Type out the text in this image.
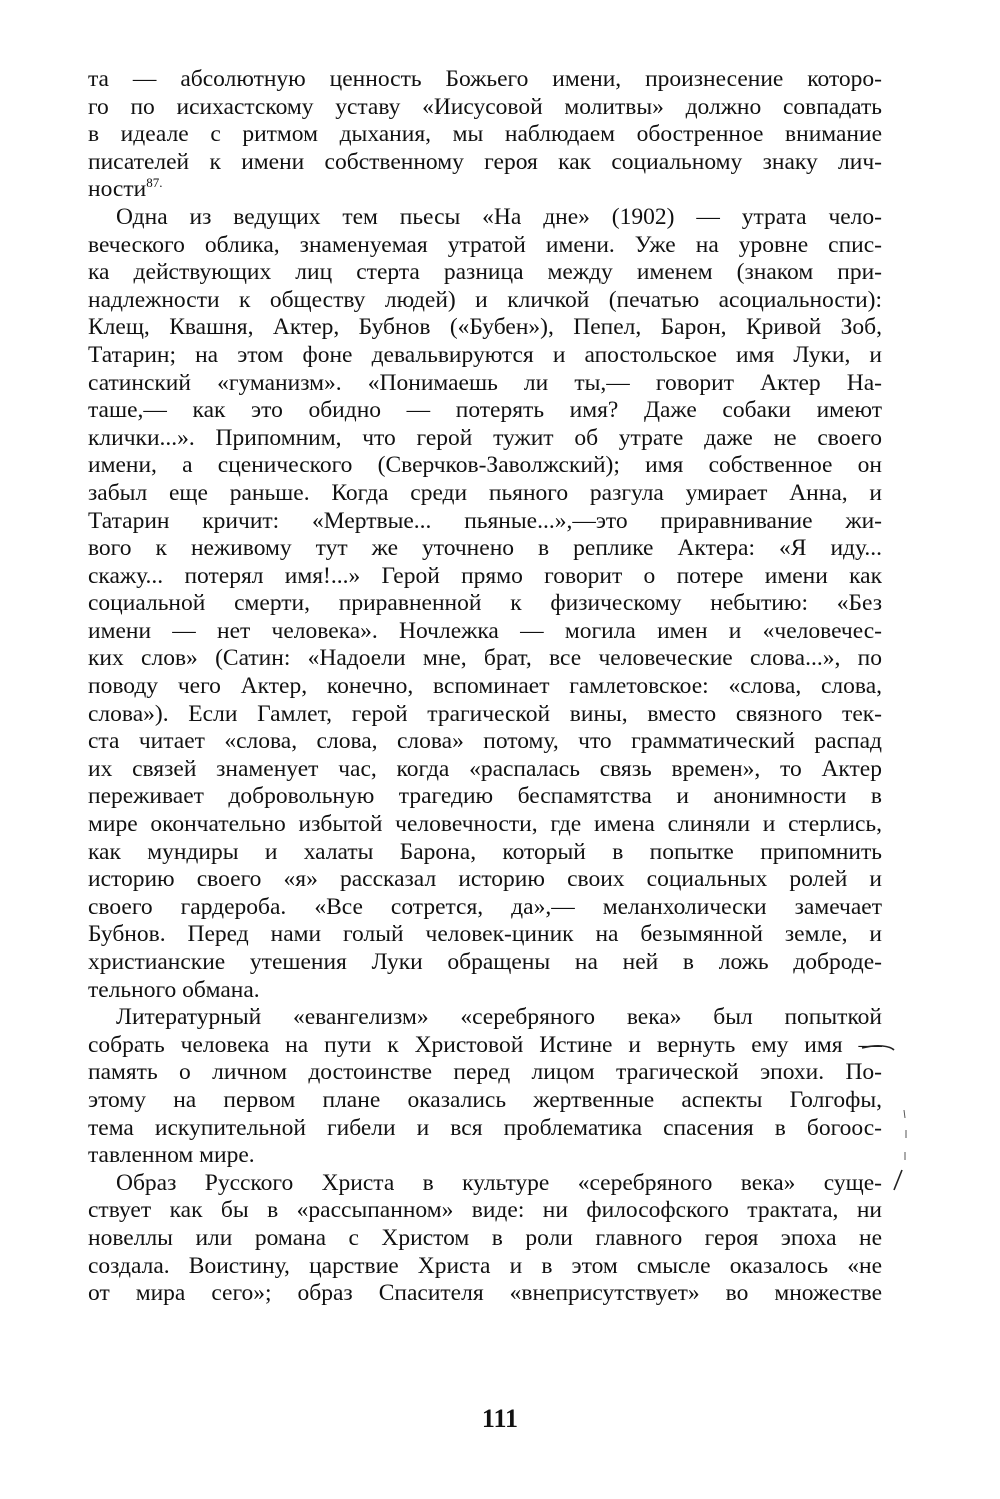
та — абсолютную ценность Божьего имени, произнесение которо-
го по исихастскому уставу «Иисусовой молитвы» должно совпадать
в идеале с ритмом дыхания, мы наблюдаем обостренное внимание
писателей к имени собственному героя как социальному знаку лич-
ности$^{87.}$
Одна из ведущих тем пьесы «На дне» (1902) — утрата чело-
веческого облика, знаменуемая утратой имени. Уже на уровне спис-
ка действующих лиц стерта разница между именем (знаком при-
надлежности к обществу людей) и кличкой (печатью асоциальности):
Клещ, Квашня, Актер, Бубнов («Бубен»), Пепел, Барон, Кривой Зоб,
Татарин; на этом фоне девальвируются и апостольское имя Луки, и
сатинский «гуманизм». «Понимаешь ли ты,— говорит Актер На-
таше,— как это обидно — потерять имя? Даже собаки имеют
клички...». Припомним, что герой тужит об утрате даже не своего
имени, а сценического (Сверчков-Заволжский); имя собственное он
забыл еще раньше. Когда среди пьяного разгула умирает Анна, и
Татарин кричит: «Мертвые... пьяные...»,—это приравнивание жи-
вого к неживому тут же уточнено в реплике Актера: «Я иду...
скажу... потерял имя!...» Герой прямо говорит о потере имени как
социальной смерти, приравненной к физическому небытию: «Без
имени — нет человека». Ночлежка — могила имен и «человечес-
ких слов» (Сатин: «Надоели мне, брат, все человеческие слова...», по
поводу чего Актер, конечно, вспоминает гамлетовское: «слова, слова,
слова»). Если Гамлет, герой трагической вины, вместо связного тек-
ста читает «слова, слова, слова» потому, что грамматический распад
их связей знаменует час, когда «распалась связь времен», то Актер
переживает добровольную трагедию беспамятства и анонимности в
мире окончательно избытой человечности, где имена слиняли и стерлись,
как мундиры и халаты Барона, который в попытке припомнить
историю своего «я» рассказал историю своих социальных ролей и
своего гардероба. «Все сотрется, да»,— меланхолически замечает
Бубнов. Перед нами голый человек-циник на безымянной земле, и
христианские утешения Луки обращены на ней в ложь доброде-
тельного обмана.
Литературный «евангелизм» «серебряного века» был попыткой
собрать человека на пути к Христовой Истине и вернуть ему имя —
память о личном достоинстве перед лицом трагической эпохи. По-
этому на первом плане оказались жертвенные аспекты Голгофы,
тема искупительной гибели и вся проблематика спасения в богоос-
тавленном мире.
Образ Русского Христа в культуре «серебряного века» суще-
ствует как бы в «рассыпанном» виде: ни философского трактата, ни
новеллы или романа с Христом в роли главного героя эпоха не
создала. Воистину, царствие Христа и в этом смысле оказалось «не
от мира сего»; образ Спасителя «внеприсутствует» во множестве
111
